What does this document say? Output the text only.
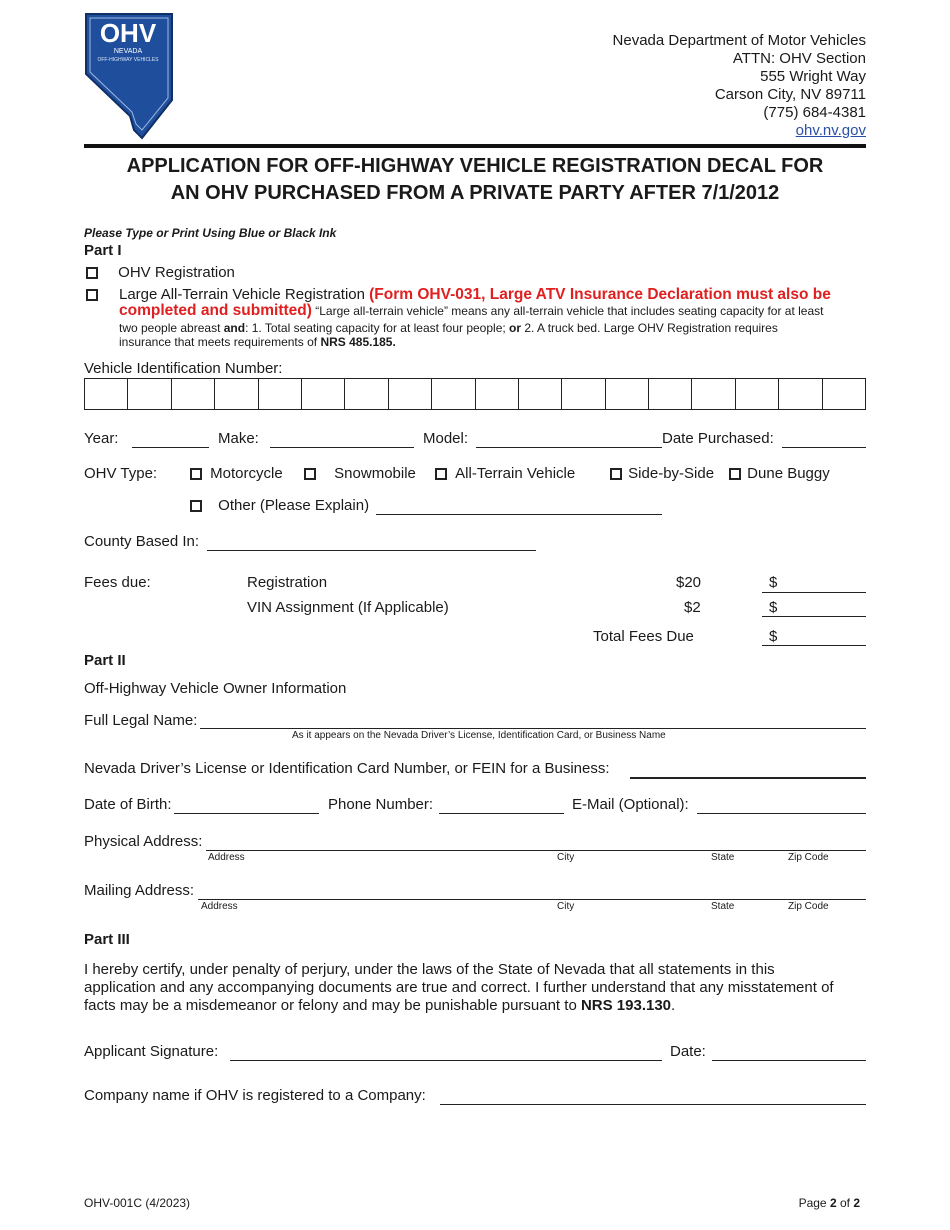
OHV
NEVADA
OFF-HIGHWAY VEHICLES
Nevada Department of Motor Vehicles
ATTN: OHV Section
555 Wright Way
Carson City, NV 89711
(775) 684-4381
ohv.nv.gov
APPLICATION FOR OFF-HIGHWAY VEHICLE REGISTRATION DECAL FOR
AN OHV PURCHASED FROM A PRIVATE PARTY AFTER 7/1/2012
Please Type or Print Using Blue or Black Ink
Part I
OHV Registration
Large All-Terrain Vehicle Registration (Form OHV-031, Large ATV Insurance Declaration must also be
completed and submitted) “Large all-terrain vehicle” means any all-terrain vehicle that includes seating capacity for at least
two people abreast and: 1. Total seating capacity for at least four people; or 2. A truck bed. Large OHV Registration requires
insurance that meets requirements of NRS 485.185.
Vehicle Identification Number:
Year:	Make:	Model:	Date Purchased:
OHV Type:	Motorcycle	Snowmobile	All-Terrain Vehicle	Side-by-Side	Dune Buggy
Other (Please Explain)
County Based In:
Fees due:	Registration	$20	$
VIN Assignment (If Applicable)	$2	$
Total Fees Due	$
Part II
Off-Highway Vehicle Owner Information
Full Legal Name:
As it appears on the Nevada Driver’s License, Identification Card, or Business Name
Nevada Driver’s License or Identification Card Number, or FEIN for a Business:
Date of Birth:	Phone Number:	E-Mail (Optional):
Physical Address:
Address	City	State	Zip Code
Mailing Address:
Address	City	State	Zip Code
Part III
I hereby certify, under penalty of perjury, under the laws of the State of Nevada that all statements in this
application and any accompanying documents are true and correct. I further understand that any misstatement of
facts may be a misdemeanor or felony and may be punishable pursuant to NRS 193.130.
Applicant Signature:	Date:
Company name if OHV is registered to a Company:
OHV-001C (4/2023)	Page 2 of 2
